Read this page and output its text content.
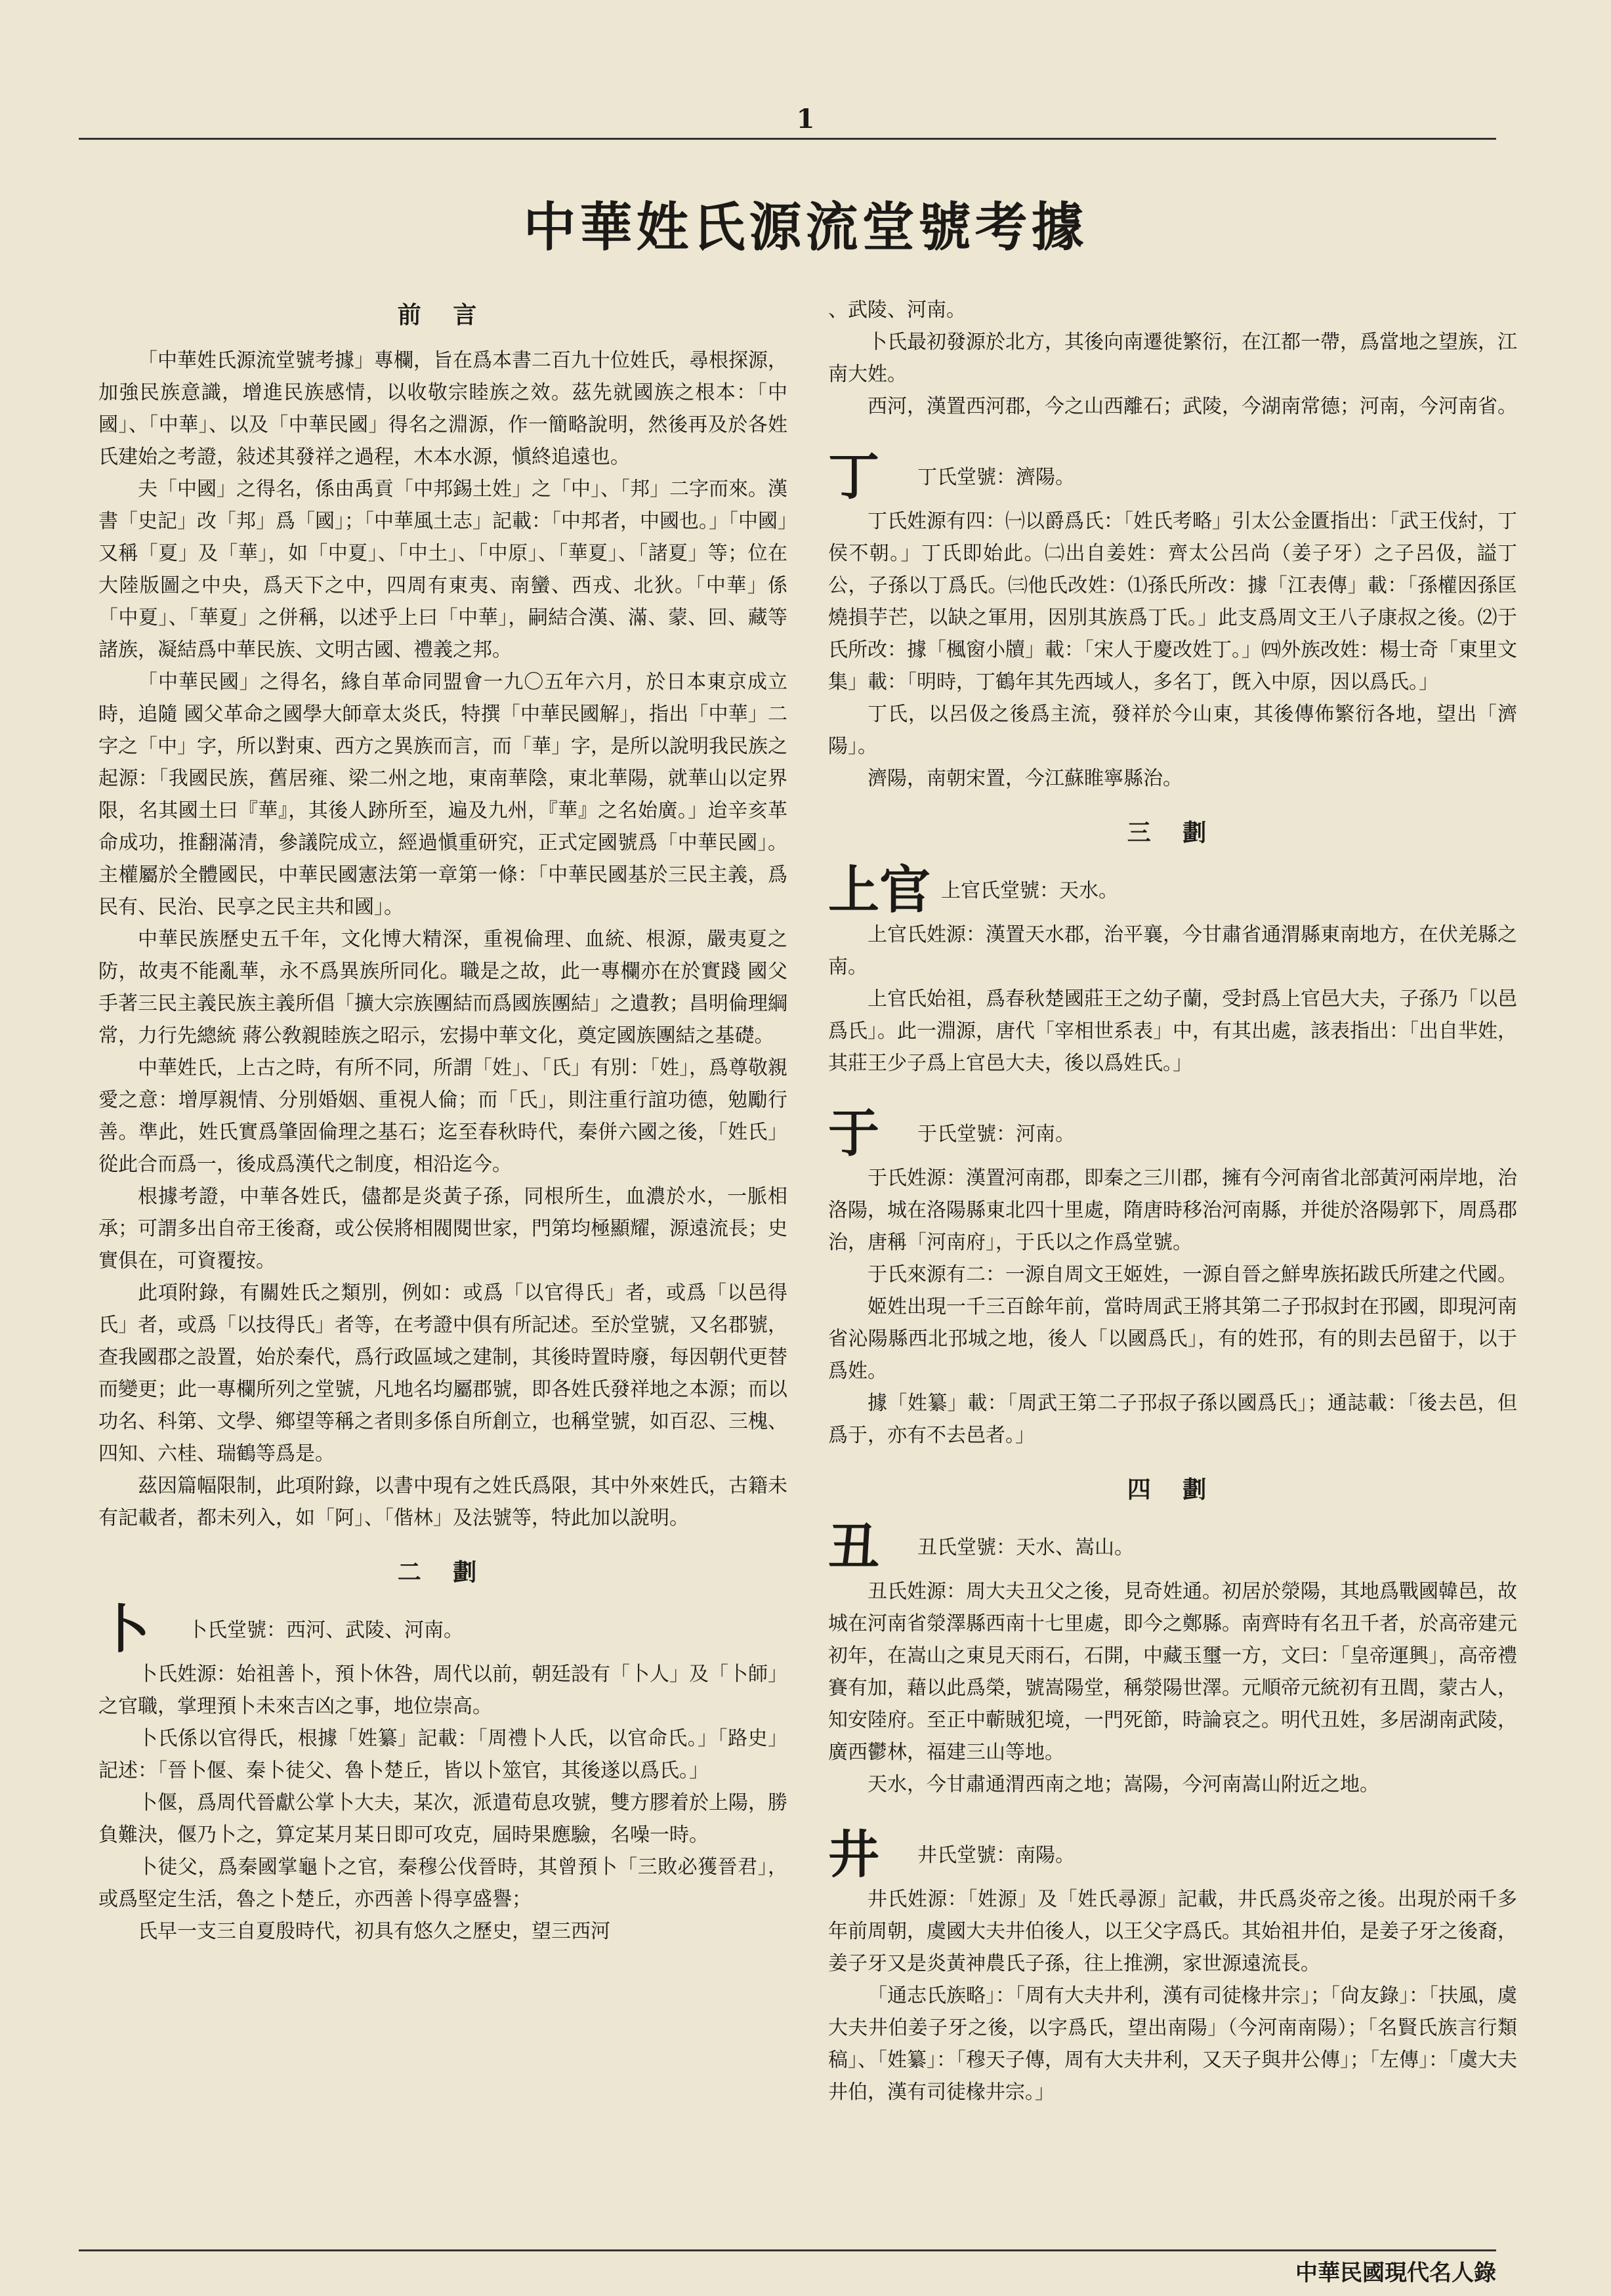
1
中華姓氏源流堂號考據
前 言

「中華姓氏源流堂號考據」專欄，旨在爲本書二百九十位姓氏，尋根探源，加強民族意識，增進民族感情，以收敬宗睦族之效。茲先就國族之根本：「中國」、「中華」、以及「中華民國」得名之淵源，作一簡略說明，然後再及於各姓氏建始之考證，敍述其發祥之過程，木本水源，愼終追遠也。

夫「中國」之得名，係由禹貢「中邦錫土姓」之「中」、「邦」二字而來。漢書「史記」改「邦」爲「國」；「中華風土志」記載：「中邦者，中國也。」「中國」又稱「夏」及「華」，如「中夏」、「中土」、「中原」、「華夏」、「諸夏」等；位在大陸版圖之中央，爲天下之中，四周有東夷、南蠻、西戎、北狄。「中華」係「中夏」、「華夏」之併稱，以述乎上曰「中華」，嗣結合漢、滿、蒙、回、藏等諸族，凝結爲中華民族、文明古國、禮義之邦。

「中華民國」之得名，緣自革命同盟會一九〇五年六月，於日本東京成立時，追隨 國父革命之國學大師章太炎氏，特撰「中華民國解」，指出「中華」二字之「中」字，所以對東、西方之異族而言，而「華」字，是所以說明我民族之起源：「我國民族，舊居雍、梁二州之地，東南華陰，東北華陽，就華山以定界限，名其國土曰『華』，其後人跡所至，遍及九州，『華』之名始廣。」迨辛亥革命成功，推翻滿清，參議院成立，經過愼重研究，正式定國號爲「中華民國」。主權屬於全體國民，中華民國憲法第一章第一條：「中華民國基於三民主義，爲民有、民治、民享之民主共和國」。

中華民族歷史五千年，文化博大精深，重視倫理、血統、根源，嚴夷夏之防，故夷不能亂華，永不爲異族所同化。職是之故，此一專欄亦在於實踐 國父手著三民主義民族主義所倡「擴大宗族團結而爲國族團結」之遺教；昌明倫理綱常，力行先總統 蔣公敎親睦族之昭示，宏揚中華文化，奠定國族團結之基礎。

中華姓氏，上古之時，有所不同，所謂「姓」、「氏」有別：「姓」，爲尊敬親愛之意：增厚親情、分別婚姻、重視人倫；而「氏」，則注重行誼功德，勉勵行善。準此，姓氏實爲肇固倫理之基石；迄至春秋時代，秦併六國之後，「姓氏」從此合而爲一，後成爲漢代之制度，相沿迄今。

根據考證，中華各姓氏，儘都是炎黃子孫，同根所生，血濃於水，一脈相承；可謂多出自帝王後裔，或公侯將相閥閱世家，門第均極顯耀，源遠流長；史實俱在，可資覆按。

此項附錄，有關姓氏之類別，例如：或爲「以官得氏」者，或爲「以邑得氏」者，或爲「以技得氏」者等，在考證中俱有所記述。至於堂號，又名郡號，查我國郡之設置，始於秦代，爲行政區域之建制，其後時置時廢，每因朝代更替而變更；此一專欄所列之堂號，凡地名均屬郡號，即各姓氏發祥地之本源；而以功名、科第、文學、鄉望等稱之者則多係自所創立，也稱堂號，如百忍、三槐、四知、六桂、瑞鶴等爲是。

茲因篇幅限制，此項附錄，以書中現有之姓氏爲限，其中外來姓氏，古籍未有記載者，都未列入，如「阿」、「偕林」及法號等，特此加以說明。

二 劃
卜	卜氏堂號：西河、武陵、河南。

卜氏姓源：始祖善卜，預卜休咎，周代以前，朝廷設有「卜人」及「卜師」之官職，掌理預卜未來吉凶之事，地位崇高。

卜氏係以官得氏，根據「姓纂」記載：「周禮卜人氏，以官命氏。」「路史」記述：「晉卜偃、秦卜徒父、魯卜楚丘，皆以卜筮官，其後遂以爲氏。」

卜偃，爲周代晉獻公掌卜大夫，某次，派遣荀息攻號，雙方膠着於上陽，勝負難決，偃乃卜之，算定某月某日即可攻克，屆時果應驗，名噪一時。

卜徒父，爲秦國掌龜卜之官，秦穆公伐晉時，其曾預卜「三敗必獲晉君」，或爲堅定生活，魯之卜楚丘，亦西善卜得享盛譽；

氏早一支三自夏殷時代，初具有悠久之歷史，望三西河

、武陵、河南。

卜氏最初發源於北方，其後向南遷徙繁衍，在江都一帶，爲當地之望族，江南大姓。

西河，漢置西河郡，今之山西離石；武陵，今湖南常德；河南，今河南省。

丁	丁氏堂號：濟陽。

丁氏姓源有四：㈠以爵爲氏：「姓氏考略」引太公金匱指出：「武王伐紂，丁侯不朝。」丁氏即始此。㈡出自姜姓：齊太公呂尚（姜子牙）之子呂伋，謚丁公，子孫以丁爲氏。㈢他氏改姓：⑴孫氏所改：據「江表傳」載：「孫權因孫匡燒損芋芒，以缺之軍用，因別其族爲丁氏。」此支爲周文王八子康叔之後。⑵于氏所改：據「楓窗小牘」載：「宋人于慶改姓丁。」㈣外族改姓：楊士奇「東里文集」載：「明時，丁鶴年其先西域人，多名丁，旣入中原，因以爲氏。」

丁氏，以呂伋之後爲主流，發祥於今山東，其後傳佈繁衍各地，望出「濟陽」。

濟陽，南朝宋置，今江蘇睢寧縣治。

三 劃
上官 上官氏堂號：天水。

上官氏姓源：漢置天水郡，治平襄，今甘肅省通渭縣東南地方，在伏羌縣之南。

上官氏始祖，爲春秋楚國莊王之幼子蘭，受封爲上官邑大夫，子孫乃「以邑爲氏」。此一淵源，唐代「宰相世系表」中，有其出處，該表指出：「出自芈姓，其莊王少子爲上官邑大夫，後以爲姓氏。」

于	于氏堂號：河南。

于氏姓源：漢置河南郡，即秦之三川郡，擁有今河南省北部黃河兩岸地，治洛陽，城在洛陽縣東北四十里處，隋唐時移治河南縣，并徙於洛陽郭下，周爲郡治，唐稱「河南府」，于氏以之作爲堂號。

于氏來源有二：一源自周文王姬姓，一源自晉之鮮卑族拓跋氏所建之代國。

姬姓出現一千三百餘年前，當時周武王將其第二子邘叔封在邘國，即現河南省沁陽縣西北邘城之地，後人「以國爲氏」，有的姓邘，有的則去邑留于，以于爲姓。

據「姓纂」載：「周武王第二子邘叔子孫以國爲氏」；通誌載：「後去邑，但爲于，亦有不去邑者。」

四 劃
丑	丑氏堂號：天水、嵩山。

丑氏姓源：周大夫丑父之後，見奇姓通。初居於滎陽，其地爲戰國韓邑，故城在河南省滎澤縣西南十七里處，即今之鄭縣。南齊時有名丑千者，於高帝建元初年，在嵩山之東見天雨石，石開，中藏玉璽一方，文曰：「皇帝運興」，高帝禮賽有加，藉以此爲榮，號嵩陽堂，稱滎陽世澤。元順帝元統初有丑閭，蒙古人，知安陸府。至正中蘄賊犯境，一門死節，時論哀之。明代丑姓，多居湖南武陵，廣西鬱林，福建三山等地。

天水，今甘肅通渭西南之地；嵩陽，今河南嵩山附近之地。

井	井氏堂號：南陽。

井氏姓源：「姓源」及「姓氏尋源」記載，井氏爲炎帝之後。出現於兩千多年前周朝，虞國大夫井伯後人，以王父字爲氏。其始祖井伯，是姜子牙之後裔，姜子牙又是炎黃神農氏子孫，往上推溯，家世源遠流長。

「通志氏族略」：「周有大夫井利，漢有司徒椽井宗」；「尙友錄」：「扶風，虞大夫井伯姜子牙之後，以字爲氏，望出南陽」（今河南南陽）；「名賢氏族言行類稿」、「姓纂」：「穆天子傳，周有大夫井利，又天子與井公傳」；「左傳」：「虞大夫井伯，漢有司徒椽井宗。」

中華民國現代名人錄
